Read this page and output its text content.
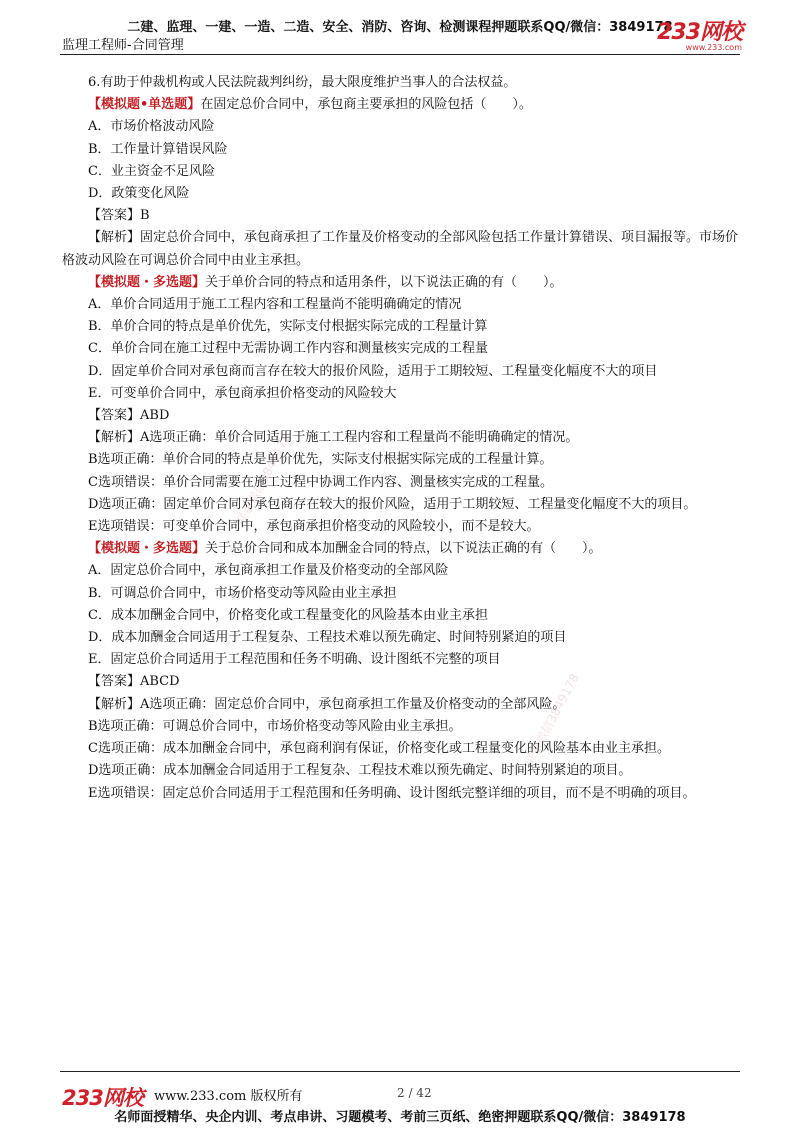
二建、监理、一建、一造、二造、安全、消防、咨询、检测课程押题联系QQ/微信：3849178
监理工程师-合同管理
233网校
www.233.com
联系微信3849178
联系微信3849178

6.有助于仲裁机构或人民法院裁判纠纷，最大限度维护当事人的合法权益。

【模拟题•单选题】在固定总价合同中，承包商主要承担的风险包括（　　）。

A．市场价格波动风险

B．工作量计算错误风险

C．业主资金不足风险

D．政策变化风险

【答案】B

【解析】固定总价合同中，承包商承担了工作量及价格变动的全部风险包括工作量计算错误、项目漏报等。市场价格波动风险在可调总价合同中由业主承担。

【模拟题・多选题】关于单价合同的特点和适用条件，以下说法正确的有（　　）。

A．单价合同适用于施工工程内容和工程量尚不能明确确定的情况

B．单价合同的特点是单价优先，实际支付根据实际完成的工程量计算

C．单价合同在施工过程中无需协调工作内容和测量核实完成的工程量

D．固定单价合同对承包商而言存在较大的报价风险，适用于工期较短、工程量变化幅度不大的项目

E．可变单价合同中，承包商承担价格变动的风险较大

【答案】ABD

【解析】A选项正确：单价合同适用于施工工程内容和工程量尚不能明确确定的情况。

B选项正确：单价合同的特点是单价优先，实际支付根据实际完成的工程量计算。

C选项错误：单价合同需要在施工过程中协调工作内容、测量核实完成的工程量。

D选项正确：固定单价合同对承包商存在较大的报价风险，适用于工期较短、工程量变化幅度不大的项目。

E选项错误：可变单价合同中，承包商承担价格变动的风险较小，而不是较大。

【模拟题・多选题】关于总价合同和成本加酬金合同的特点，以下说法正确的有（　　）。

A．固定总价合同中，承包商承担工作量及价格变动的全部风险

B．可调总价合同中，市场价格变动等风险由业主承担

C．成本加酬金合同中，价格变化或工程量变化的风险基本由业主承担

D．成本加酬金合同适用于工程复杂、工程技术难以预先确定、时间特别紧迫的项目

E．固定总价合同适用于工程范围和任务不明确、设计图纸不完整的项目

【答案】ABCD

【解析】A选项正确：固定总价合同中，承包商承担工作量及价格变动的全部风险。

B选项正确：可调总价合同中，市场价格变动等风险由业主承担。

C选项正确：成本加酬金合同中，承包商利润有保证，价格变化或工程量变化的风险基本由业主承担。

D选项正确：成本加酬金合同适用于工程复杂、工程技术难以预先确定、时间特别紧迫的项目。

E选项错误：固定总价合同适用于工程范围和任务明确、设计图纸完整详细的项目，而不是不明确的项目。

233网校 www.233.com 版权所有	2 / 42
名师面授精华、央企内训、考点串讲、习题模考、考前三页纸、绝密押题联系QQ/微信：3849178
